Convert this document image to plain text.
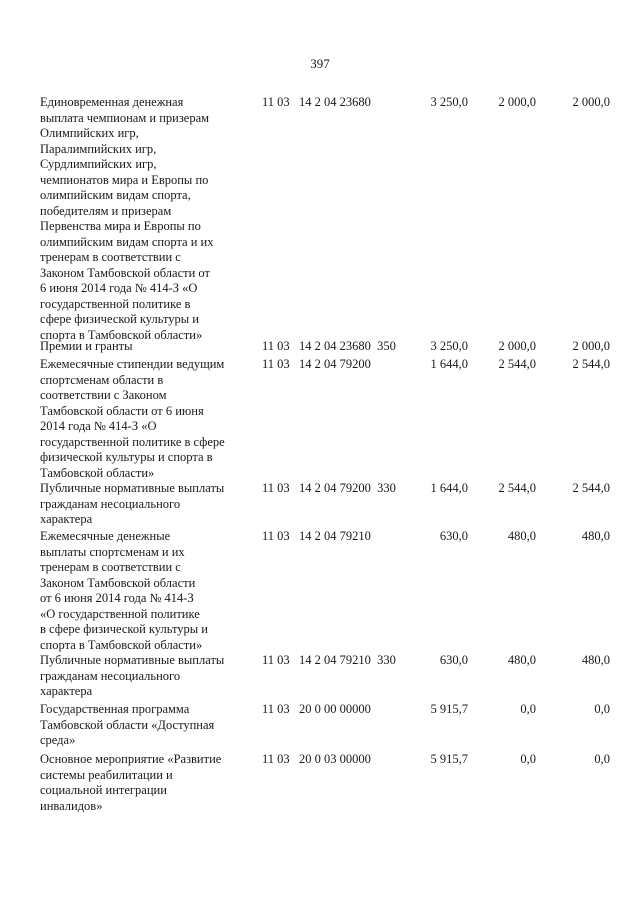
397
Единовременная денежная
выплата чемпионам и призерам
Олимпийских игр,
Паралимпийских игр,
Сурдлимпийских игр,
чемпионатов мира и Европы по
олимпийским видам спорта,
победителям и призерам
Первенства мира и Европы по
олимпийским видам спорта и их
тренерам в соответствии с
Законом Тамбовской области от
6 июня 2014 года № 414-З «О
государственной политике в
сфере физической культуры и
спорта в Тамбовской области»
11 03   14 2 04 23680	3 250,0	2 000,0	2 000,0
Премии и гранты	11 03   14 2 04 23680  350	3 250,0	2 000,0	2 000,0
Ежемесячные стипендии ведущим
спортсменам области в
соответствии с Законом
Тамбовской области от 6 июня
2014 года № 414-З «О
государственной политике в сфере
физической культуры и спорта в
Тамбовской области»
11 03   14 2 04 79200	1 644,0	2 544,0	2 544,0
Публичные нормативные выплаты
гражданам несоциального
характера
11 03   14 2 04 79200  330	1 644,0	2 544,0	2 544,0
Ежемесячные денежные
выплаты спортсменам и их
тренерам в соответствии с
Законом Тамбовской области
от 6 июня 2014 года № 414-З
«О государственной политике
в сфере физической культуры и
спорта в Тамбовской области»
11 03   14 2 04 79210	630,0	480,0	480,0
Публичные нормативные выплаты
гражданам несоциального
характера
11 03   14 2 04 79210  330	630,0	480,0	480,0
Государственная программа
Тамбовской области «Доступная
среда»
11 03   20 0 00 00000	5 915,7	0,0	0,0
Основное мероприятие «Развитие
системы реабилитации и
социальной интеграции
инвалидов»
11 03   20 0 03 00000	5 915,7	0,0	0,0
